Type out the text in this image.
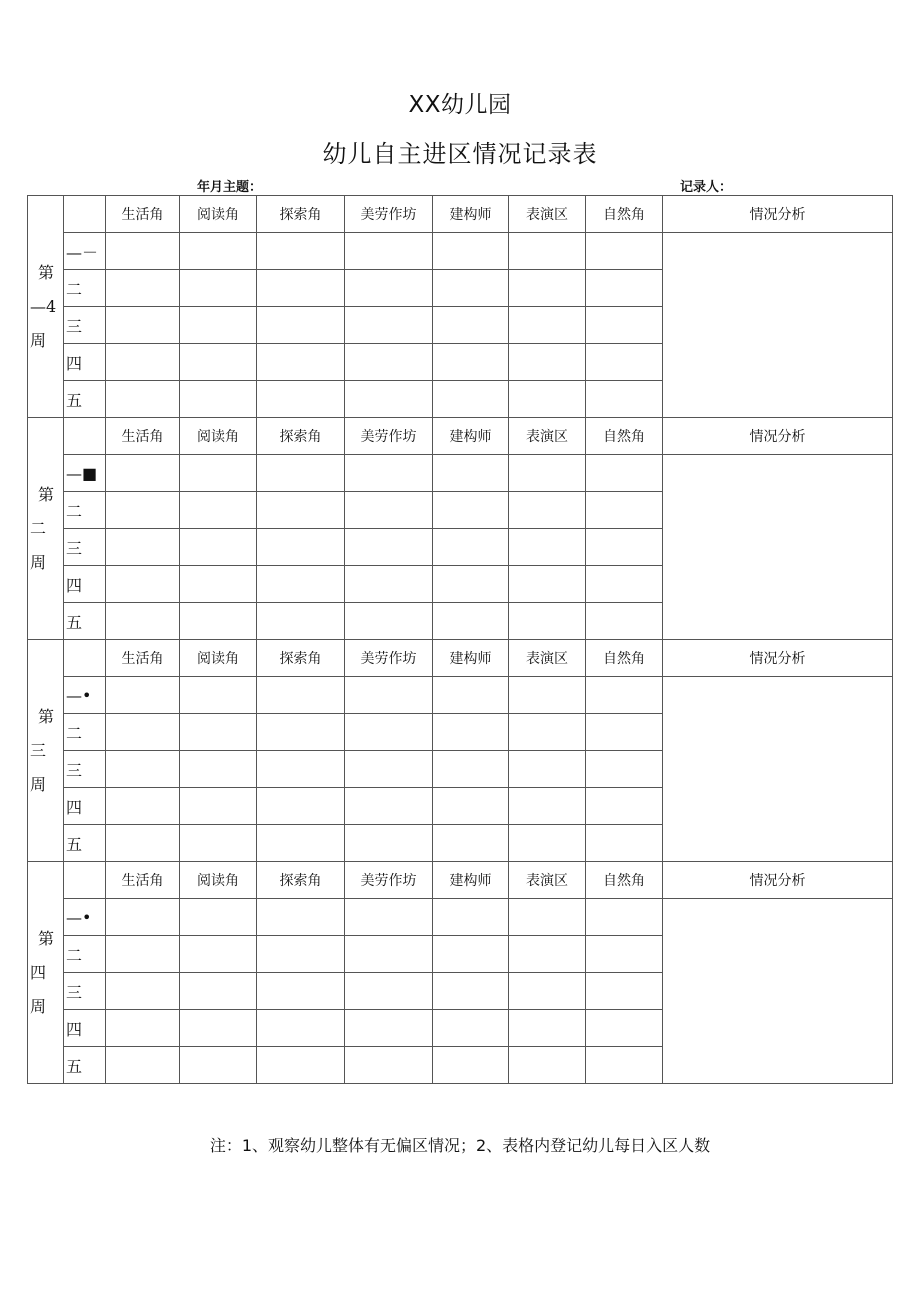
XX幼儿园
幼儿自主进区情况记录表
年月主题：	记录人：
第
—4
周		生活角	阅读角	探索角	美劳作坊	建构师	表演区	自然角	情况分析
	—－								
	二								
	三								
	四								
	五								

第
二
周		生活角	阅读角	探索角	美劳作坊	建构师	表演区	自然角	情况分析
	—■								
	二								
	三								
	四								
	五								

第
三
周		生活角	阅读角	探索角	美劳作坊	建构师	表演区	自然角	情况分析
	—•								
	二								
	三								
	四								
	五								

第
四
周		生活角	阅读角	探索角	美劳作坊	建构师	表演区	自然角	情况分析
	—•								
	二								
	三								
	四								
	五								
注：1、观察幼儿整体有无偏区情况；2、表格内登记幼儿每日入区人数
